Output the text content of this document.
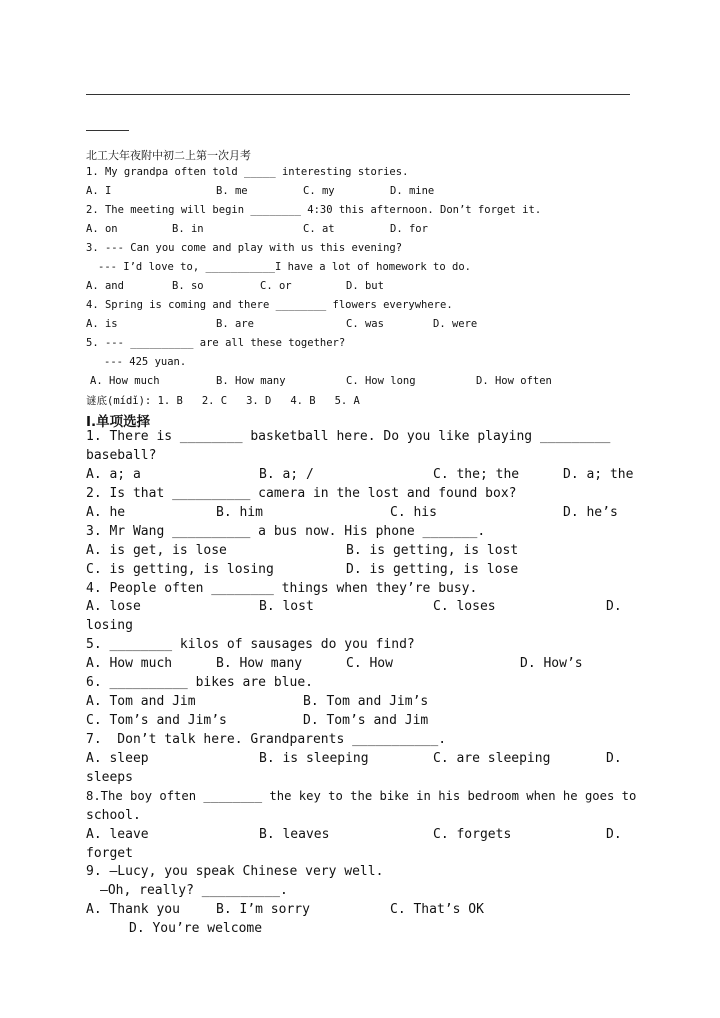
北工大年夜附中初二上第一次月考
1. My grandpa often told _____ interesting stories.
A. I	B. me	C. my	D. mine
2. The meeting will begin ________ 4:30 this afternoon. Don’t forget it.
A. on	B. in	C. at	D. for
3. --- Can you come and play with us this evening?
--- I’d love to, ___________I have a lot of homework to do.
A. and	B. so	C. or	D. but
4. Spring is coming and there ________ flowers everywhere.
A. is	B. are	C. was	D. were
5. --- __________ are all these together?
--- 425 yuan.
A. How much	B. How many	C. How long	D. How often
谜底(mídǐ): 1. B   2. C   3. D   4. B   5. A
Ⅰ.单项选择
1. There is ________ basketball here. Do you like playing _________
baseball?
A. a; a	B. a; /	C. the; the	D. a; the
2. Is that __________ camera in the lost and found box?
A. he	B. him	C. his	D. he’s
3. Mr Wang __________ a bus now. His phone _______.
A. is get, is lose	B. is getting, is lost
C. is getting, is losing	D. is getting, is lose
4. People often ________ things when they’re busy.
A. lose	B. lost	C. loses	D.
losing
5. ________ kilos of sausages do you find?
A. How much	B. How many	C. How	D. How’s
6. __________ bikes are blue.
A. Tom and Jim	B. Tom and Jim’s
C. Tom’s and Jim’s	D. Tom’s and Jim
7.  Don’t talk here. Grandparents ___________.
A. sleep	B. is sleeping	C. are sleeping	D.
sleeps
8.The boy often ________ the key to the bike in his bedroom when he goes to
school.
A. leave	B. leaves	C. forgets	D.
forget
9. —Lucy, you speak Chinese very well.
—Oh, really? __________.
A. Thank you	B. I’m sorry	C. That’s OK
D. You’re welcome
